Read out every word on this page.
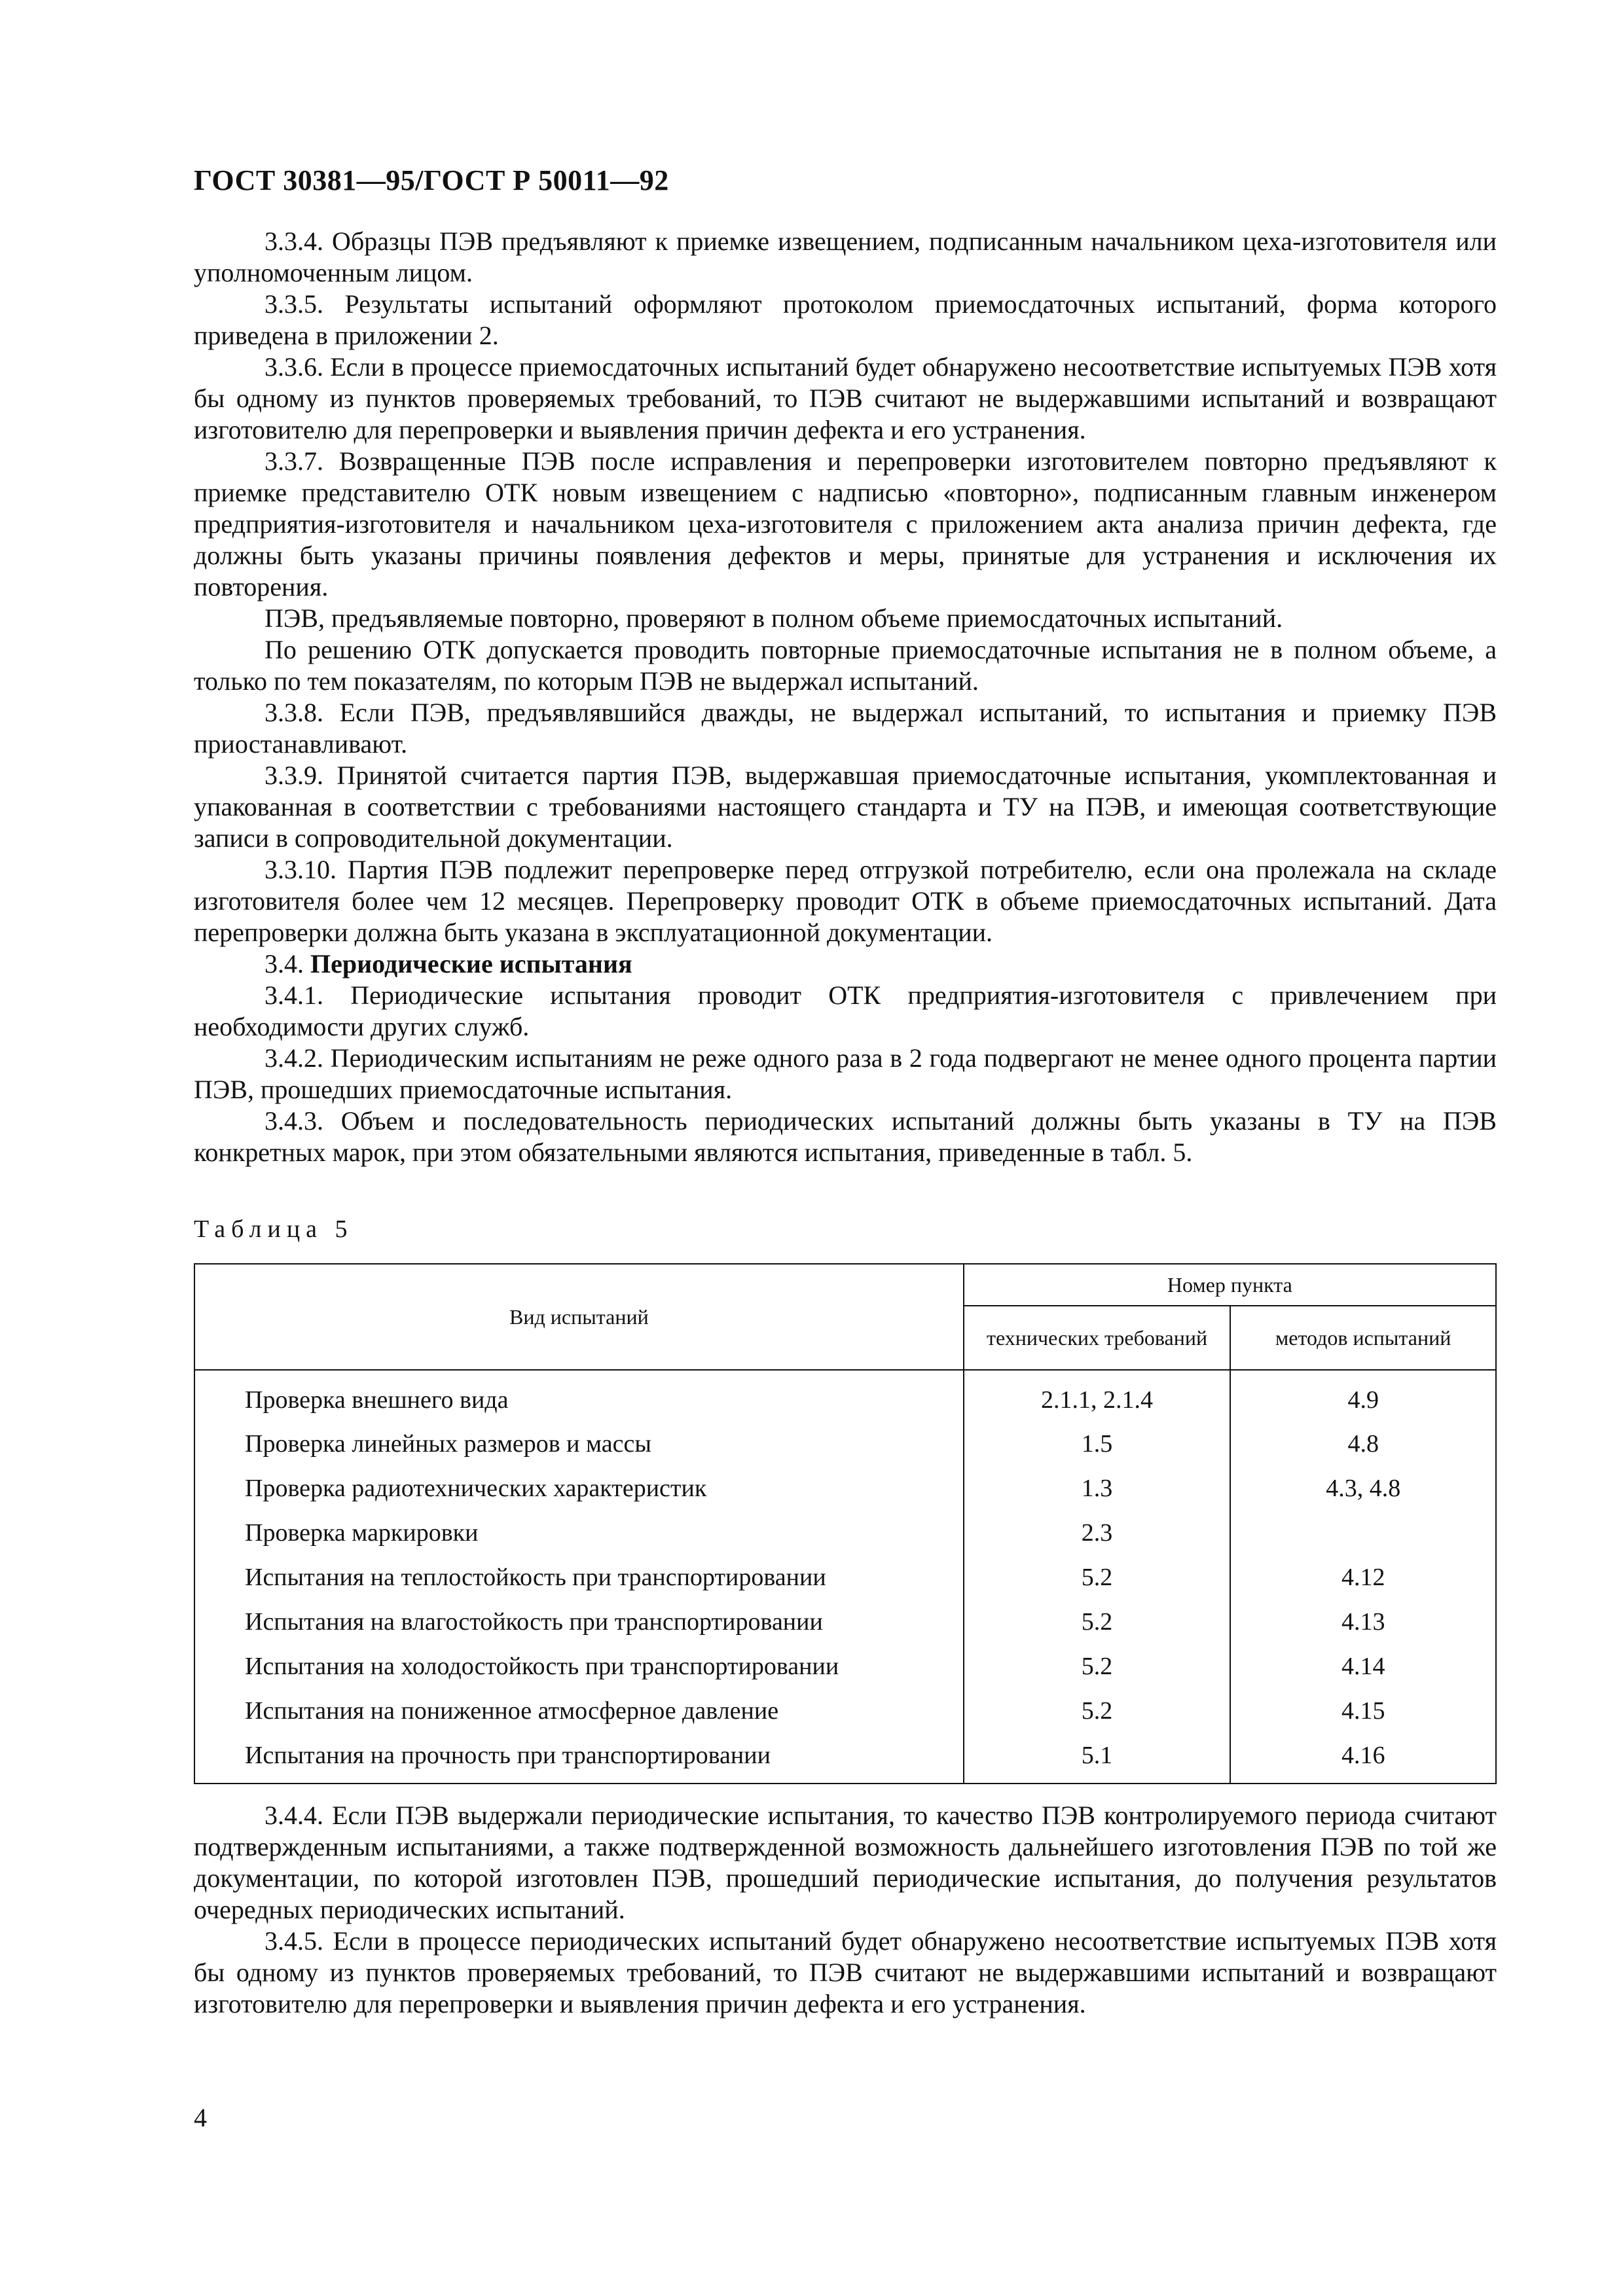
ГОСТ 30381—95/ГОСТ Р 50011—92

3.3.4. Образцы ПЭВ предъявляют к приемке извещением, подписанным начальником цеха-изготовителя или уполномоченным лицом.

3.3.5. Результаты испытаний оформляют протоколом приемосдаточных испытаний, форма которого приведена в приложении 2.

3.3.6. Если в процессе приемосдаточных испытаний будет обнаружено несоответствие испытуемых ПЭВ хотя бы одному из пунктов проверяемых требований, то ПЭВ считают не выдержавшими испытаний и возвращают изготовителю для перепроверки и выявления причин дефекта и его устранения.

3.3.7. Возвращенные ПЭВ после исправления и перепроверки изготовителем повторно предъявляют к приемке представителю ОТК новым извещением с надписью «повторно», подписанным главным инженером предприятия-изготовителя и начальником цеха-изготовителя с приложением акта анализа причин дефекта, где должны быть указаны причины появления дефектов и меры, принятые для устранения и исключения их повторения.

ПЭВ, предъявляемые повторно, проверяют в полном объеме приемосдаточных испытаний.

По решению ОТК допускается проводить повторные приемосдаточные испытания не в полном объеме, а только по тем показателям, по которым ПЭВ не выдержал испытаний.

3.3.8. Если ПЭВ, предъявлявшийся дважды, не выдержал испытаний, то испытания и приемку ПЭВ приостанавливают.

3.3.9. Принятой считается партия ПЭВ, выдержавшая приемосдаточные испытания, укомплектованная и упакованная в соответствии с требованиями настоящего стандарта и ТУ на ПЭВ, и имеющая соответствующие записи в сопроводительной документации.

3.3.10. Партия ПЭВ подлежит перепроверке перед отгрузкой потребителю, если она пролежала на складе изготовителя более чем 12 месяцев. Перепроверку проводит ОТК в объеме приемосдаточных испытаний. Дата перепроверки должна быть указана в эксплуатационной документации.

3.4. Периодические испытания

3.4.1. Периодические испытания проводит ОТК предприятия-изготовителя с привлечением при необходимости других служб.

3.4.2. Периодическим испытаниям не реже одного раза в 2 года подвергают не менее одного процента партии ПЭВ, прошедших приемосдаточные испытания.

3.4.3. Объем и последовательность периодических испытаний должны быть указаны в ТУ на ПЭВ конкретных марок, при этом обязательными являются испытания, приведенные в табл. 5.

Таблица 5
Вид испытаний	Номер пункта	
	технических требований	методов испытаний
Проверка внешнего вида	2.1.1, 2.1.4	4.9
Проверка линейных размеров и массы	1.5	4.8
Проверка радиотехнических характеристик	1.3	4.3, 4.8
Проверка маркировки	2.3	
Испытания на теплостойкость при транспортировании	5.2	4.12
Испытания на влагостойкость при транспортировании	5.2	4.13
Испытания на холодостойкость при транспортировании	5.2	4.14
Испытания на пониженное атмосферное давление	5.2	4.15
Испытания на прочность при транспортировании	5.1	4.16

3.4.4. Если ПЭВ выдержали периодические испытания, то качество ПЭВ контролируемого периода считают подтвержденным испытаниями, а также подтвержденной возможность дальнейшего изготовления ПЭВ по той же документации, по которой изготовлен ПЭВ, прошедший периодические испытания, до получения результатов очередных периодических испытаний.

3.4.5. Если в процессе периодических испытаний будет обнаружено несоответствие испытуемых ПЭВ хотя бы одному из пунктов проверяемых требований, то ПЭВ считают не выдержавшими испытаний и возвращают изготовителю для перепроверки и выявления причин дефекта и его устранения.

4
